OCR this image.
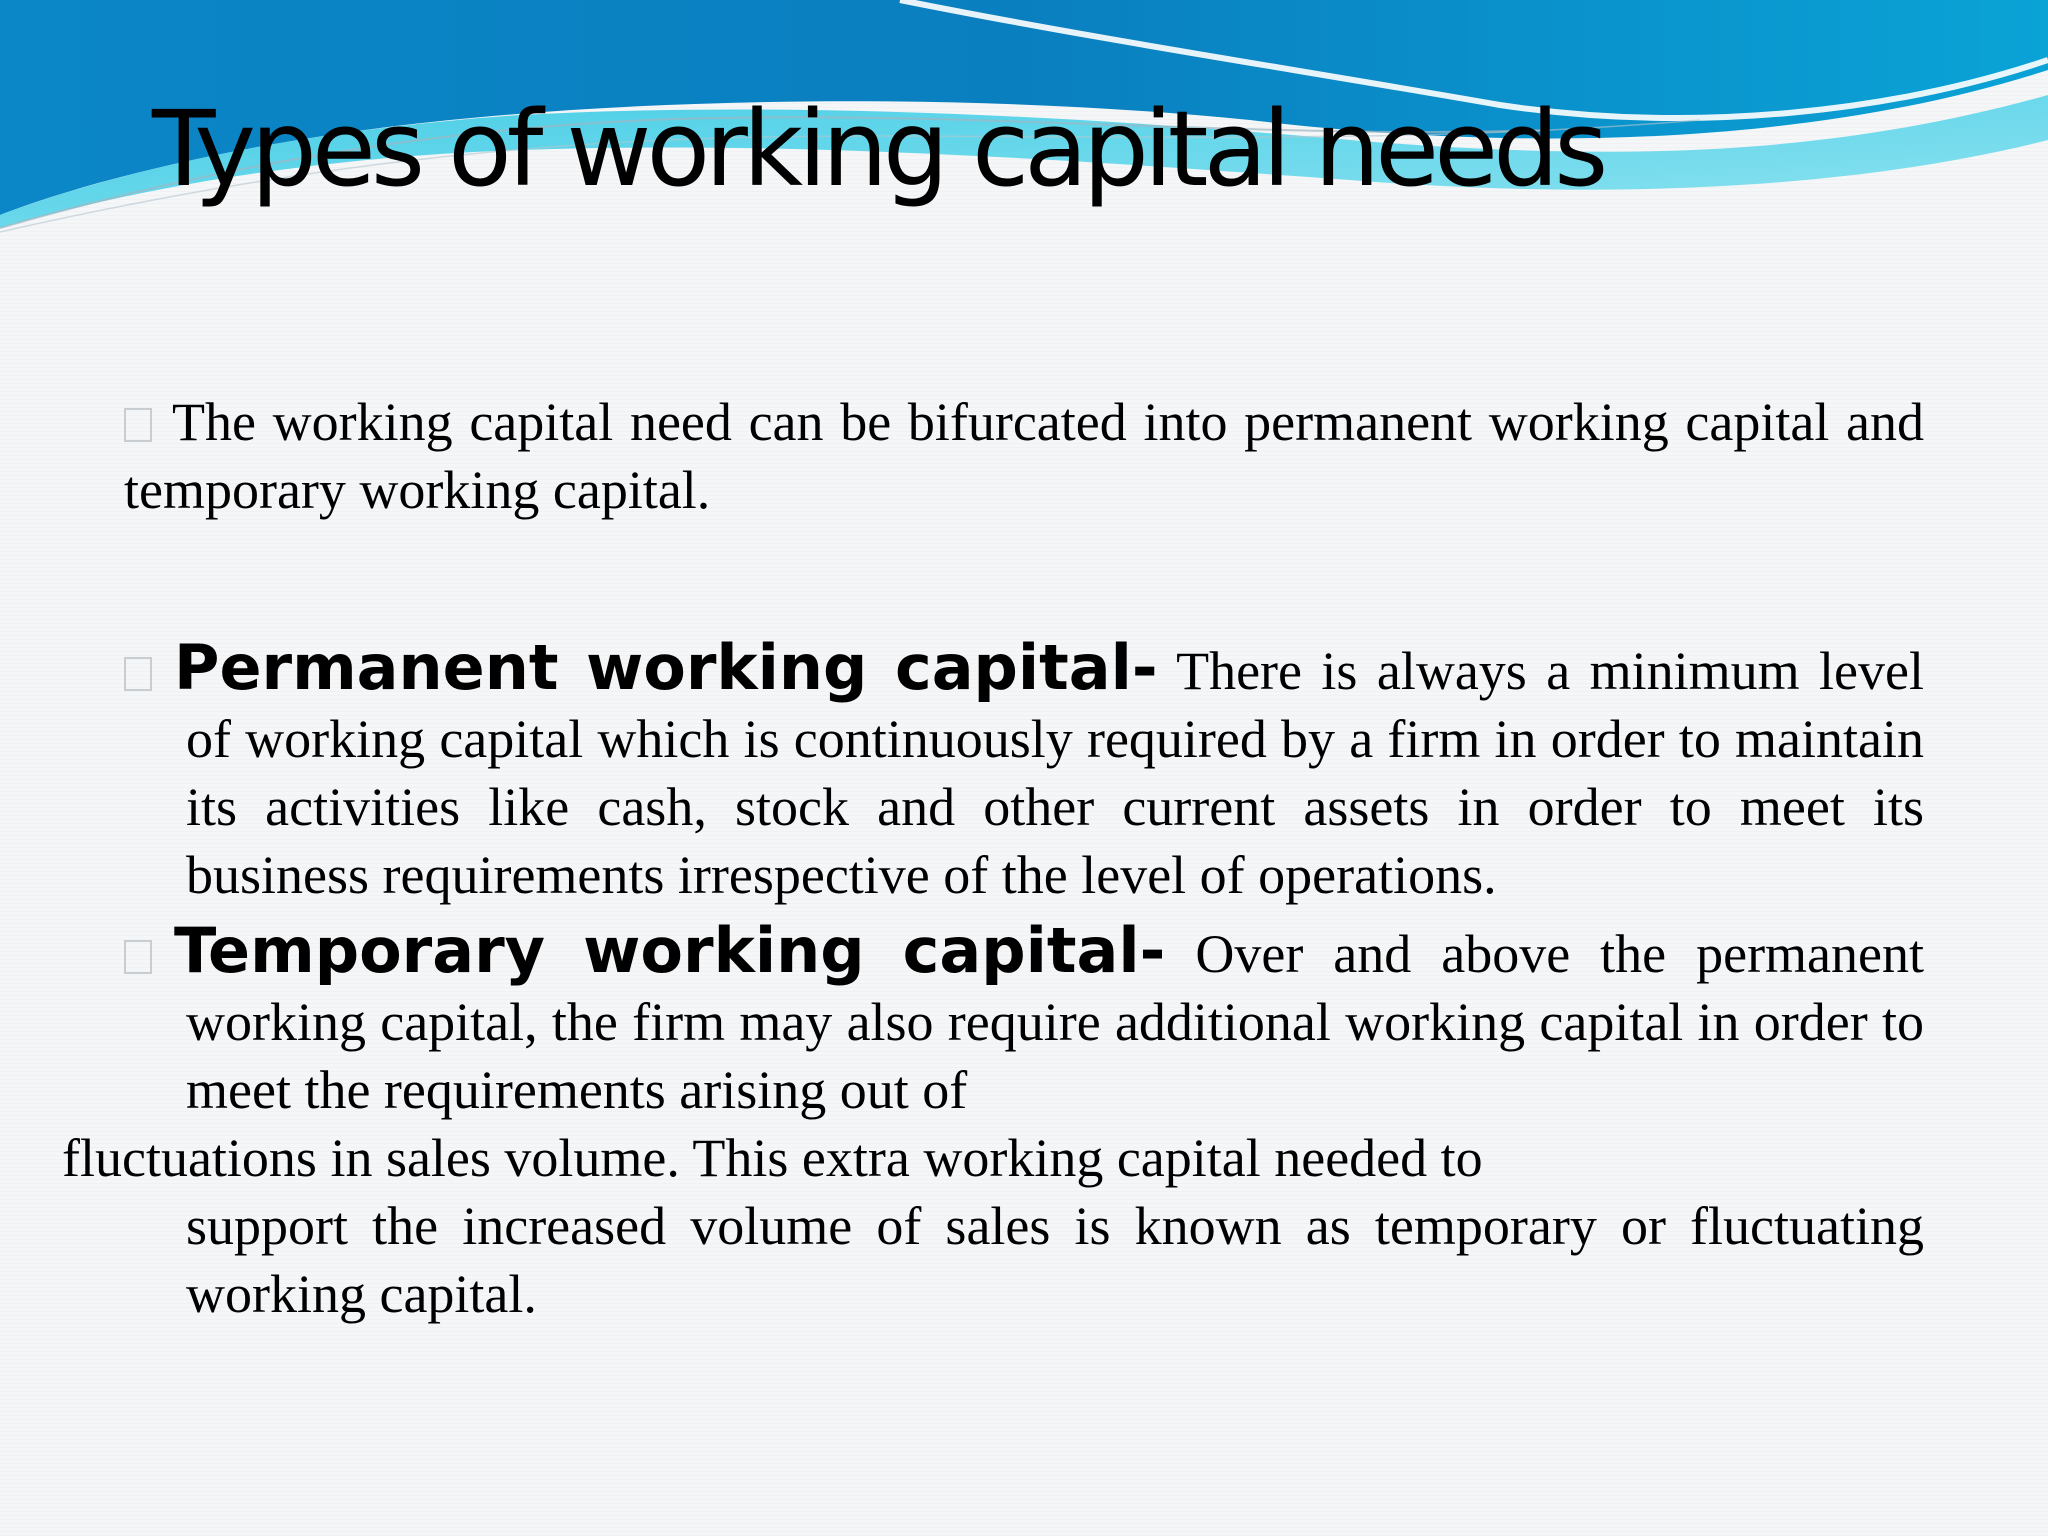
Types of working capital needs

The working capital need can be bifurcated into permanent working capital and temporary working capital.

Permanent working capital- There is always a minimum level of working capital which is continuously required by a firm in order to maintain its activities like cash, stock and other current assets in order to meet its business requirements irrespective of the level of operations.

Temporary working capital- Over and above the permanent working capital, the firm may also require additional working capital in order to meet the requirements arising out of
fluctuations in sales volume. This extra working capital needed to
support the increased volume of sales is known as temporary or fluctuating working capital.
